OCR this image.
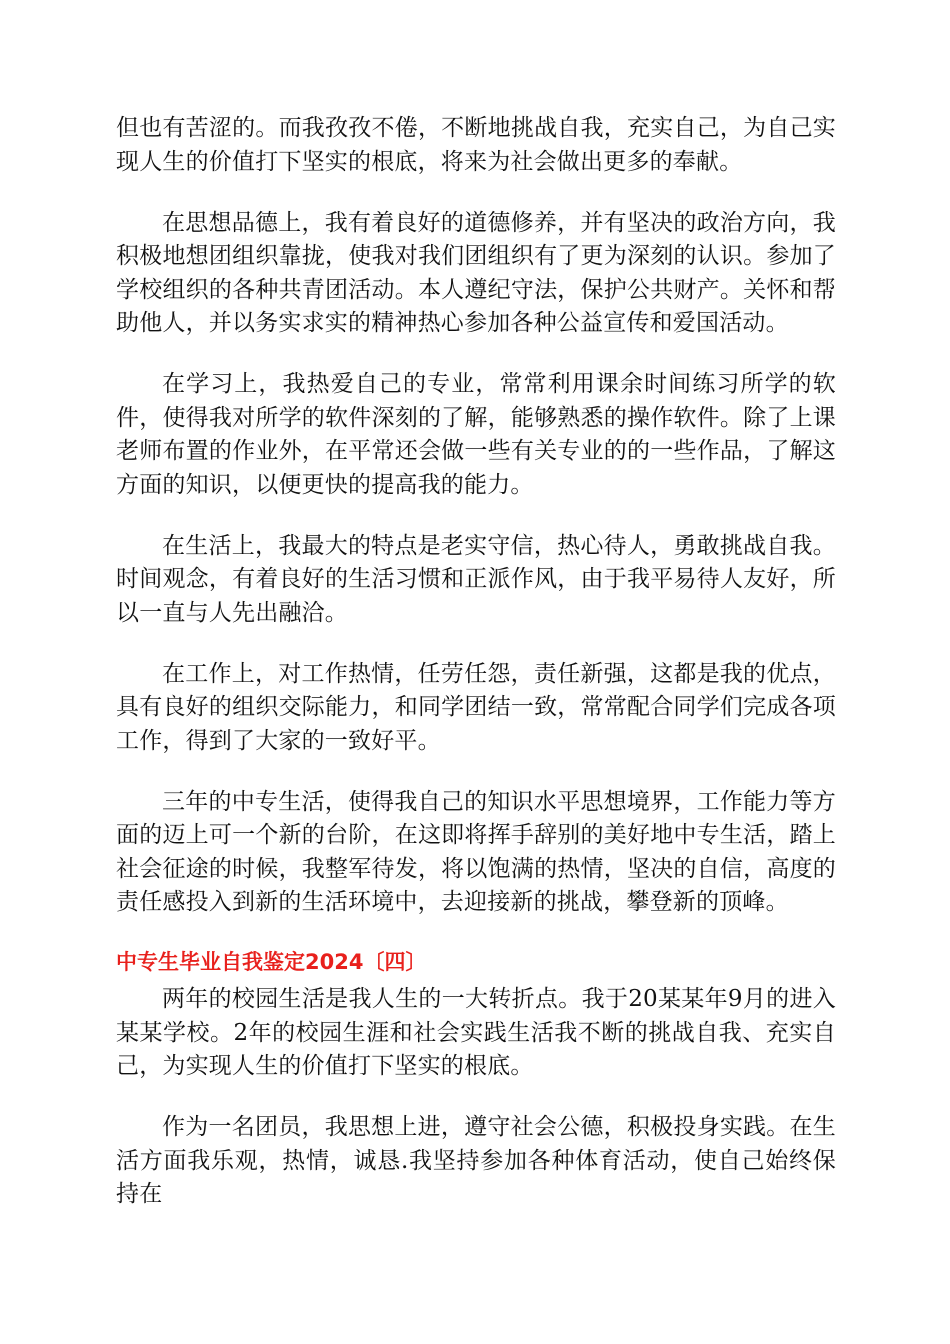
但也有苦涩的。而我孜孜不倦，不断地挑战自我，充实自己，为自己实现人生的价值打下坚实的根底，将来为社会做出更多的奉献。

在思想品德上，我有着良好的道德修养，并有坚决的政治方向，我积极地想团组织靠拢，使我对我们团组织有了更为深刻的认识。参加了学校组织的各种共青团活动。本人遵纪守法，保护公共财产。关怀和帮助他人，并以务实求实的精神热心参加各种公益宣传和爱国活动。

在学习上，我热爱自己的专业，常常利用课余时间练习所学的软件，使得我对所学的软件深刻的了解，能够熟悉的操作软件。除了上课老师布置的作业外，在平常还会做一些有关专业的的一些作品，了解这方面的知识，以便更快的提高我的能力。

在生活上，我最大的特点是老实守信，热心待人，勇敢挑战自我。时间观念，有着良好的生活习惯和正派作风，由于我平易待人友好，所以一直与人先出融洽。

在工作上，对工作热情，任劳任怨，责任新强，这都是我的优点，具有良好的组织交际能力，和同学团结一致，常常配合同学们完成各项工作，得到了大家的一致好平。

三年的中专生活，使得我自己的知识水平思想境界，工作能力等方面的迈上可一个新的台阶，在这即将挥手辞别的美好地中专生活，踏上社会征途的时候，我整军待发，将以饱满的热情，坚决的自信，高度的责任感投入到新的生活环境中，去迎接新的挑战，攀登新的顶峰。

中专生毕业自我鉴定2024〔四〕

两年的校园生活是我人生的一大转折点。我于20某某年9月的进入某某学校。2年的校园生涯和社会实践生活我不断的挑战自我、充实自己，为实现人生的价值打下坚实的根底。

作为一名团员，我思想上进，遵守社会公德，积极投身实践。在生活方面我乐观，热情，诚恳.我坚持参加各种体育活动，使自己始终保持在
